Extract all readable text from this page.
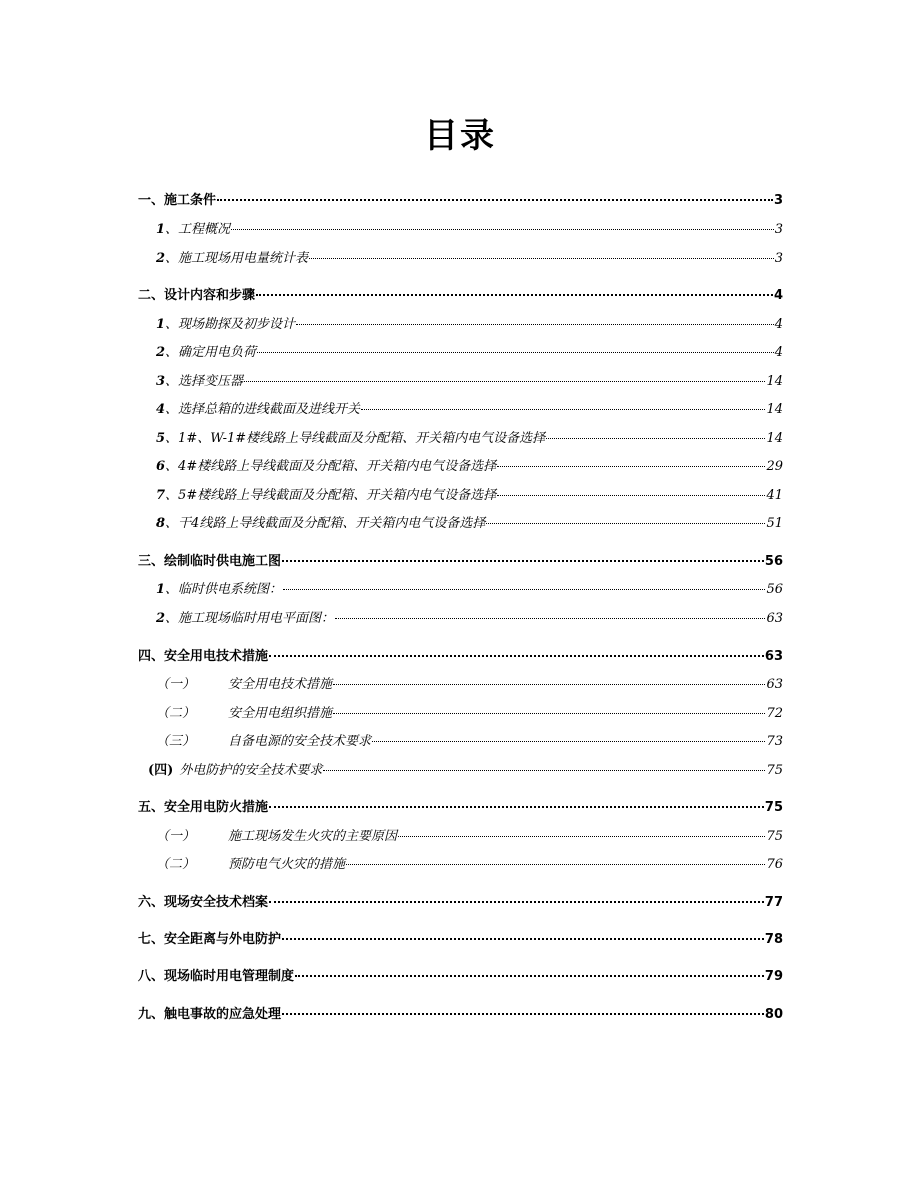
目录
一、施工条件	3
1、工程概况	3
2、施工现场用电量统计表	3
二、设计内容和步骤	4
1、现场勘探及初步设计	4
2、确定用电负荷	4
3、选择变压器	14
4、选择总箱的进线截面及进线开关	14
5、1#、W-1#楼线路上导线截面及分配箱、开关箱内电气设备选择	14
6、4#楼线路上导线截面及分配箱、开关箱内电气设备选择	29
7、5#楼线路上导线截面及分配箱、开关箱内电气设备选择	41
8、干4线路上导线截面及分配箱、开关箱内电气设备选择	51
三、绘制临时供电施工图	56
1、临时供电系统图：	56
2、施工现场临时用电平面图：	63
四、安全用电技术措施	63
（一）	安全用电技术措施	63
（二）	安全用电组织措施	72
（三）	自备电源的安全技术要求	73
(四) 外电防护的安全技术要求	75
五、安全用电防火措施	75
（一）	施工现场发生火灾的主要原因	75
（二）	预防电气火灾的措施	76
六、现场安全技术档案	77
七、安全距离与外电防护	78
八、现场临时用电管理制度	79
九、触电事故的应急处理	80
